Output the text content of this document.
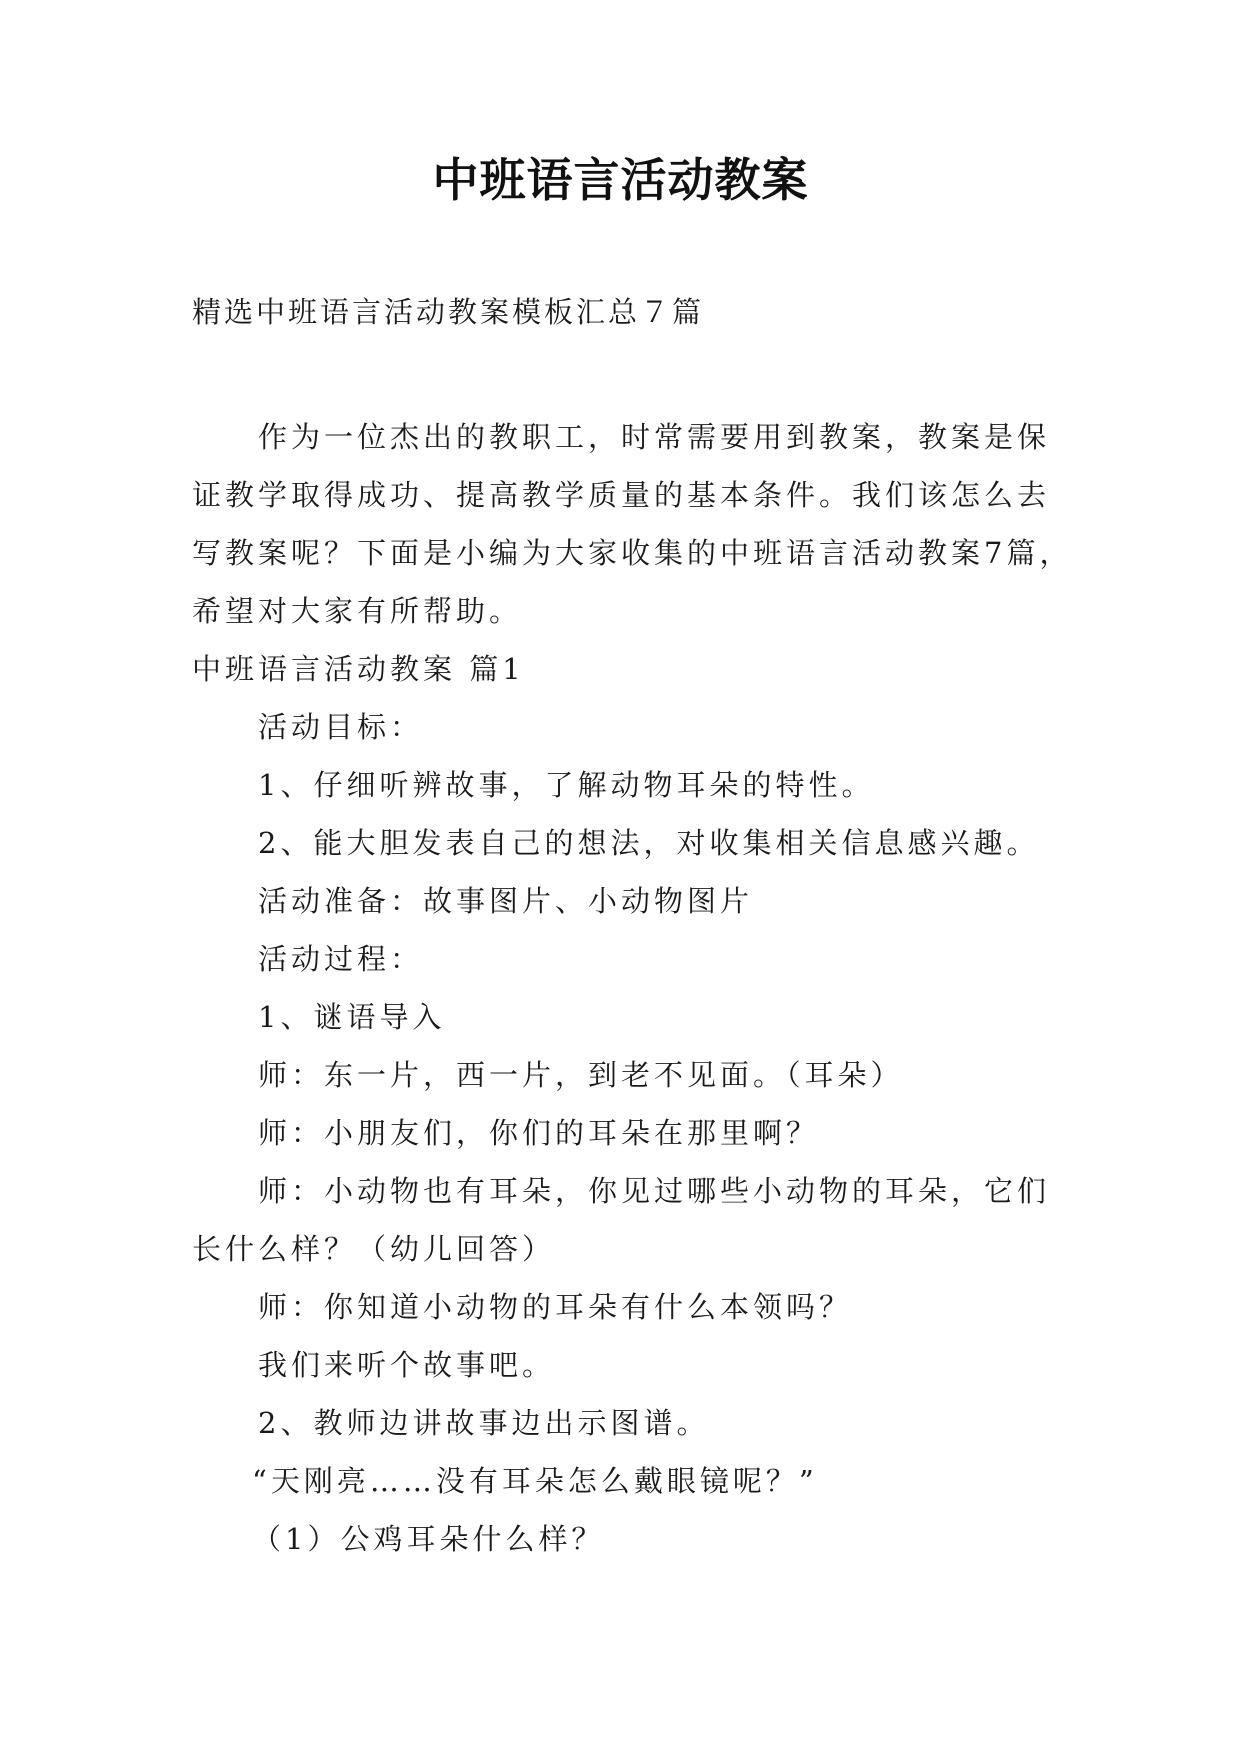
中班语言活动教案
精选中班语言活动教案模板汇总７篇
作为一位杰出的教职工，时常需要用到教案，教案是保
证教学取得成功、提高教学质量的基本条件。我们该怎么去
写教案呢？下面是小编为大家收集的中班语言活动教案7篇，
希望对大家有所帮助。
中班语言活动教案 篇1
活动目标：
1、仔细听辨故事，了解动物耳朵的特性。
2、能大胆发表自己的想法，对收集相关信息感兴趣。
活动准备：故事图片、小动物图片
活动过程：
1、谜语导入
师：东一片，西一片，到老不见面。（耳朵）
师：小朋友们，你们的耳朵在那里啊？
师：小动物也有耳朵，你见过哪些小动物的耳朵，它们
长什么样？（幼儿回答）
师：你知道小动物的耳朵有什么本领吗？
我们来听个故事吧。
2、教师边讲故事边出示图谱。
“天刚亮……没有耳朵怎么戴眼镜呢？”
（1）公鸡耳朵什么样？
